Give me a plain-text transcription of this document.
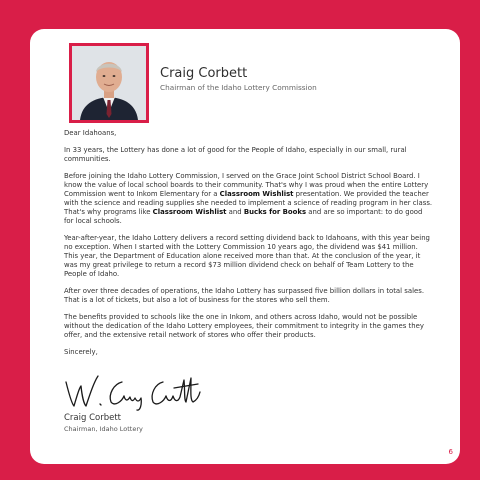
Craig Corbett
Chairman of the Idaho Lottery Commission

Dear Idahoans,

In 33 years, the Lottery has done a lot of good for the People of Idaho, especially in our small, rural communities.

Before joining the Idaho Lottery Commission, I served on the Grace Joint School District School Board. I know the value of local school boards to their community. That's why I was proud when the entire Lottery Commission went to Inkom Elementary for a Classroom Wishlist presentation. We provided the teacher with the science and reading supplies she needed to implement a science of reading program in her class. That's why programs like Classroom Wishlist and Bucks for Books and are so important: to do good for local schools.

Year-after-year, the Idaho Lottery delivers a record setting dividend back to Idahoans, with this year being no exception. When I started with the Lottery Commission 10 years ago, the dividend was $41 million. This year, the Department of Education alone received more than that. At the conclusion of the year, it was my great privilege to return a record $73 million dividend check on behalf of Team Lottery to the People of Idaho.

After over three decades of operations, the Idaho Lottery has surpassed five billion dollars in total sales. That is a lot of tickets, but also a lot of business for the stores who sell them.

The benefits provided to schools like the one in Inkom, and others across Idaho, would not be possible without the dedication of the Idaho Lottery employees, their commitment to integrity in the games they offer, and the extensive retail network of stores who offer their products.

Sincerely,

Craig Corbett
Chairman, Idaho Lottery
6
